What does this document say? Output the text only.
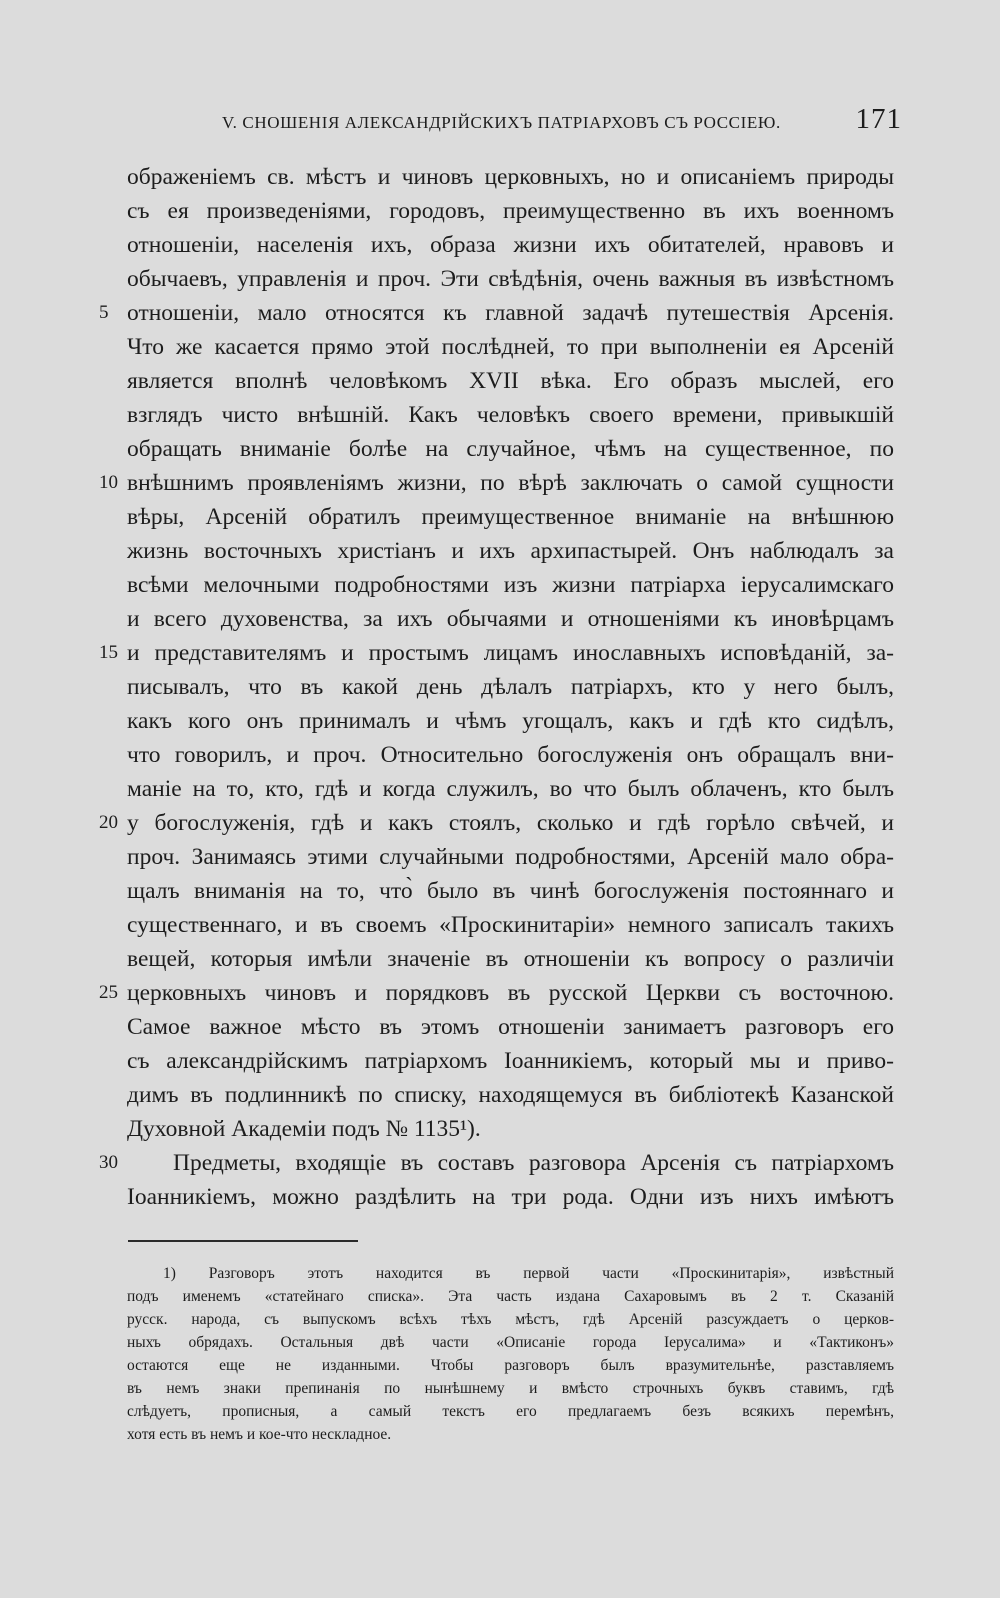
V. СНОШЕНІЯ АЛЕКСАНДРІЙСКИХЪ ПАТРІАРХОВЪ СЪ РОССІЕЮ.	171
ображеніемъ св. мѣстъ и чиновъ церковныхъ, но и описаніемъ природы
съ ея произведеніями, городовъ, преимущественно въ ихъ военномъ
отношеніи, населенія ихъ, образа жизни ихъ обитателей, нравовъ и
обычаевъ, управленія и проч. Эти свѣдѣнія, очень важныя въ извѣстномъ
5 отношеніи, мало относятся къ главной задачѣ путешествія Арсенія.
Что же касается прямо этой послѣдней, то при выполненіи ея Арсеній
является вполнѣ человѣкомъ XVII вѣка. Его образъ мыслей, его
взглядъ чисто внѣшній. Какъ человѣкъ своего времени, привыкшій
обращать вниманіе болѣе на случайное, чѣмъ на существенное, по
10 внѣшнимъ проявленіямъ жизни, по вѣрѣ заключать о самой сущности
вѣры, Арсеній обратилъ преимущественное вниманіе на внѣшнюю
жизнь восточныхъ христіанъ и ихъ архипастырей. Онъ наблюдалъ за
всѣми мелочными подробностями изъ жизни патріарха іерусалимскаго
и всего духовенства, за ихъ обычаями и отношеніями къ иновѣрцамъ
15 и представителямъ и простымъ лицамъ инославныхъ исповѣданій, за-
писывалъ, что въ какой день дѣлалъ патріархъ, кто у него былъ,
какъ кого онъ принималъ и чѣмъ угощалъ, какъ и гдѣ кто сидѣлъ,
что говорилъ, и проч. Относительно богослуженія онъ обращалъ вни-
маніе на то, кто, гдѣ и когда служилъ, во что былъ облаченъ, кто былъ
20 у богослуженія, гдѣ и какъ стоялъ, сколько и гдѣ горѣло свѣчей, и
проч. Занимаясь этими случайными подробностями, Арсеній мало обра-
щалъ вниманія на то, что̀ было въ чинѣ богослуженія постояннаго и
существеннаго, и въ своемъ «Проскинитаріи» немного записалъ такихъ
вещей, которыя имѣли значеніе въ отношеніи къ вопросу о различіи
25 церковныхъ чиновъ и порядковъ въ русской Церкви съ восточною.
Самое важное мѣсто въ этомъ отношеніи занимаетъ разговоръ его
съ александрійскимъ патріархомъ Іоанникіемъ, который мы и приво-
димъ въ подлинникѣ по списку, находящемуся въ библіотекѣ Казанской
Духовной Академіи подъ № 1135¹).
30 Предметы, входящіе въ составъ разговора Арсенія съ патріархомъ
Іоанникіемъ, можно раздѣлить на три рода. Одни изъ нихъ имѣютъ
1) Разговоръ этотъ находится въ первой части «Проскинитарія», извѣстный
подъ именемъ «статейнаго списка». Эта часть издана Сахаровымъ въ 2 т. Сказаній
русск. народа, съ выпускомъ всѣхъ тѣхъ мѣстъ, гдѣ Арсеній разсуждаетъ о церков-
ныхъ обрядахъ. Остальныя двѣ части «Описаніе города Іерусалима» и «Тактиконъ»
остаются еще не изданными. Чтобы разговоръ былъ вразумительнѣе, разставляемъ
въ немъ знаки препинанія по нынѣшнему и вмѣсто строчныхъ буквъ ставимъ, гдѣ
слѣдуетъ, прописныя, а самый текстъ его предлагаемъ безъ всякихъ перемѣнъ,
хотя есть въ немъ и кое-что нескладное.
